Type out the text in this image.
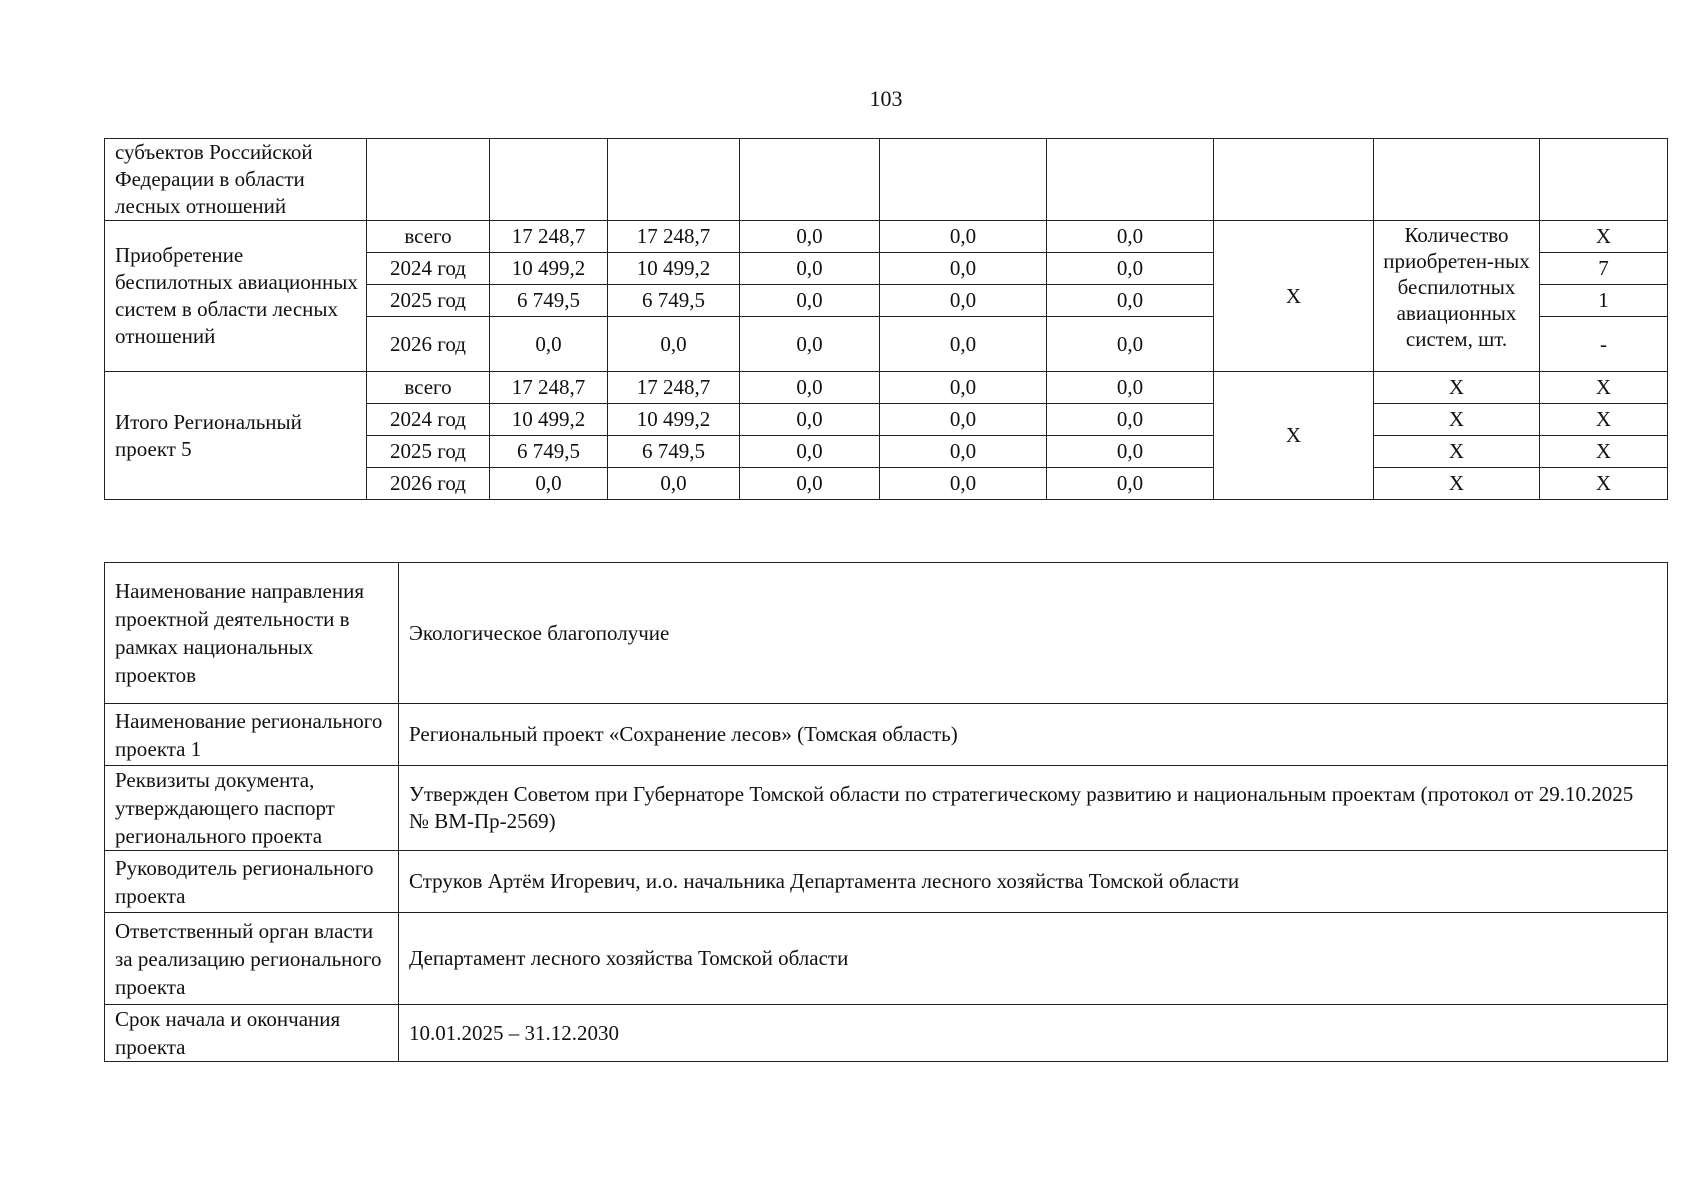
103
субъектов Российской Федерации в области лесных отношений									
Приобретение беспилотных авиационных систем в области лесных отношений	всего	17 248,7	17 248,7	0,0	0,0	0,0	Х	Количество приобретен-ных беспилотных авиационных систем, шт.	Х
	2024 год	10 499,2	10 499,2	0,0	0,0	0,0			7
	2025 год	6 749,5	6 749,5	0,0	0,0	0,0			1
	2026 год	0,0	0,0	0,0	0,0	0,0			-
Итого Региональный проект 5	всего	17 248,7	17 248,7	0,0	0,0	0,0	Х	Х	Х
	2024 год	10 499,2	10 499,2	0,0	0,0	0,0		Х	Х
	2025 год	6 749,5	6 749,5	0,0	0,0	0,0		Х	Х
	2026 год	0,0	0,0	0,0	0,0	0,0		Х	Х
Наименование направления проектной деятельности в рамках национальных проектов	Экологическое благополучие
Наименование регионального проекта 1	Региональный проект «Сохранение лесов» (Томская область)
Реквизиты документа, утверждающего паспорт регионального проекта	Утвержден Советом при Губернаторе Томской области по стратегическому развитию и национальным проектам (протокол от 29.10.2025 № ВМ-Пр-2569)
Руководитель регионального проекта	Струков Артём Игоревич, и.о. начальника Департамента лесного хозяйства Томской области
Ответственный орган власти за реализацию регионального проекта	Департамент лесного хозяйства Томской области
Срок начала и окончания проекта	10.01.2025 – 31.12.2030
